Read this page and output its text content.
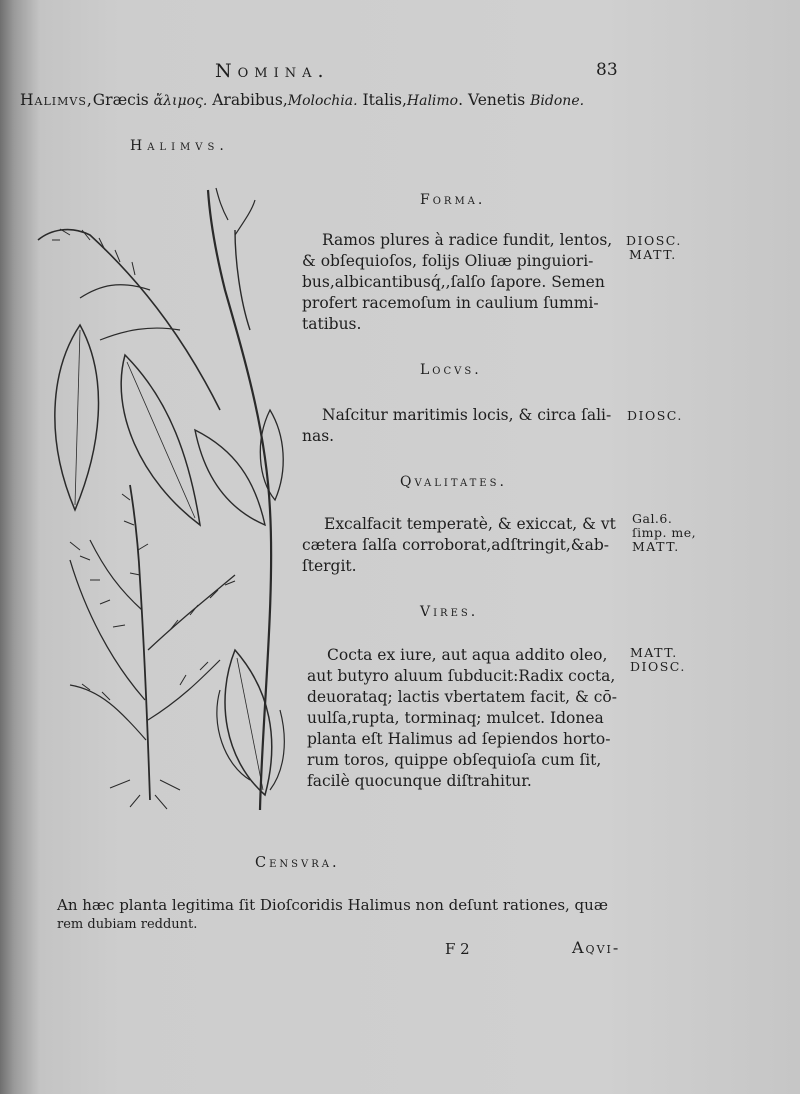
Nomina.	83
Halimvs,Græcis ἄλιμος. Arabibus,Molochia. Italis,Halimo. Venetis Bidone.
Halimvs.
Forma.
Ramos plures à radice fundit, lentos,
& obſequioſos, folijs Oliuæ pinguiori-
bus,albicantibusq́,,ſalſo ſapore. Semen
profert racemoſum in caulium ſummi-
tatibus.
DIOSC.
MATT.
Locvs.
Naſcitur maritimis locis, & circa ſali-
nas.
DIOSC.
Qvalitates.
Excalfacit temperatè, & exiccat, & vt
cætera ſalſa corroborat,adſtringit,&ab-
ſtergit.
Gal.6.
ſimp. me,
MATT.
Vires.
Cocta ex iure, aut aqua addito oleo,
aut butyro aluum ſubducit:Radix cocta,
deuorataq; lactis vbertatem facit, & cō-
uulſa,rupta, torminaq; mulcet. Idonea
planta eſt Halimus ad ſepiendos horto-
rum toros, quippe obſequioſa cum ſit,
facilè quocunque diſtrahitur.
MATT.
DIOSC.
Censvra.
An hæc planta legitima ſit Dioſcoridis Halimus non deſunt rationes, quæ
rem dubiam reddunt.
F 2	Aqvi-
